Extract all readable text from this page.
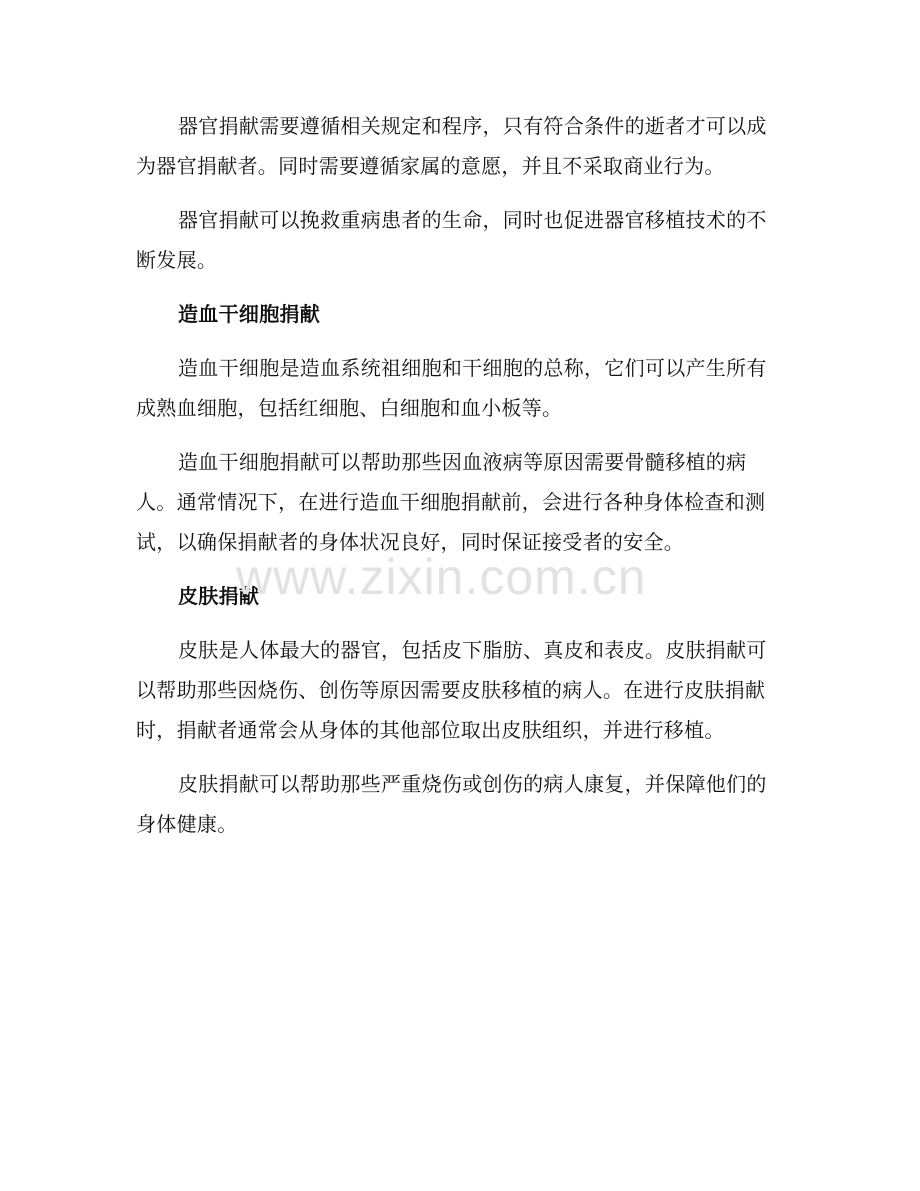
器官捐献需要遵循相关规定和程序，只有符合条件的逝者才可以成为器官捐献者。同时需要遵循家属的意愿，并且不采取商业行为。

器官捐献可以挽救重病患者的生命，同时也促进器官移植技术的不断发展。

造血干细胞捐献

造血干细胞是造血系统祖细胞和干细胞的总称，它们可以产生所有成熟血细胞，包括红细胞、白细胞和血小板等。

造血干细胞捐献可以帮助那些因血液病等原因需要骨髓移植的病人。通常情况下，在进行造血干细胞捐献前，会进行各种身体检查和测试，以确保捐献者的身体状况良好，同时保证接受者的安全。

皮肤捐献

皮肤是人体最大的器官，包括皮下脂肪、真皮和表皮。皮肤捐献可以帮助那些因烧伤、创伤等原因需要皮肤移植的病人。在进行皮肤捐献时，捐献者通常会从身体的其他部位取出皮肤组织，并进行移植。

皮肤捐献可以帮助那些严重烧伤或创伤的病人康复，并保障他们的身体健康。

www.zixin.com.cn
